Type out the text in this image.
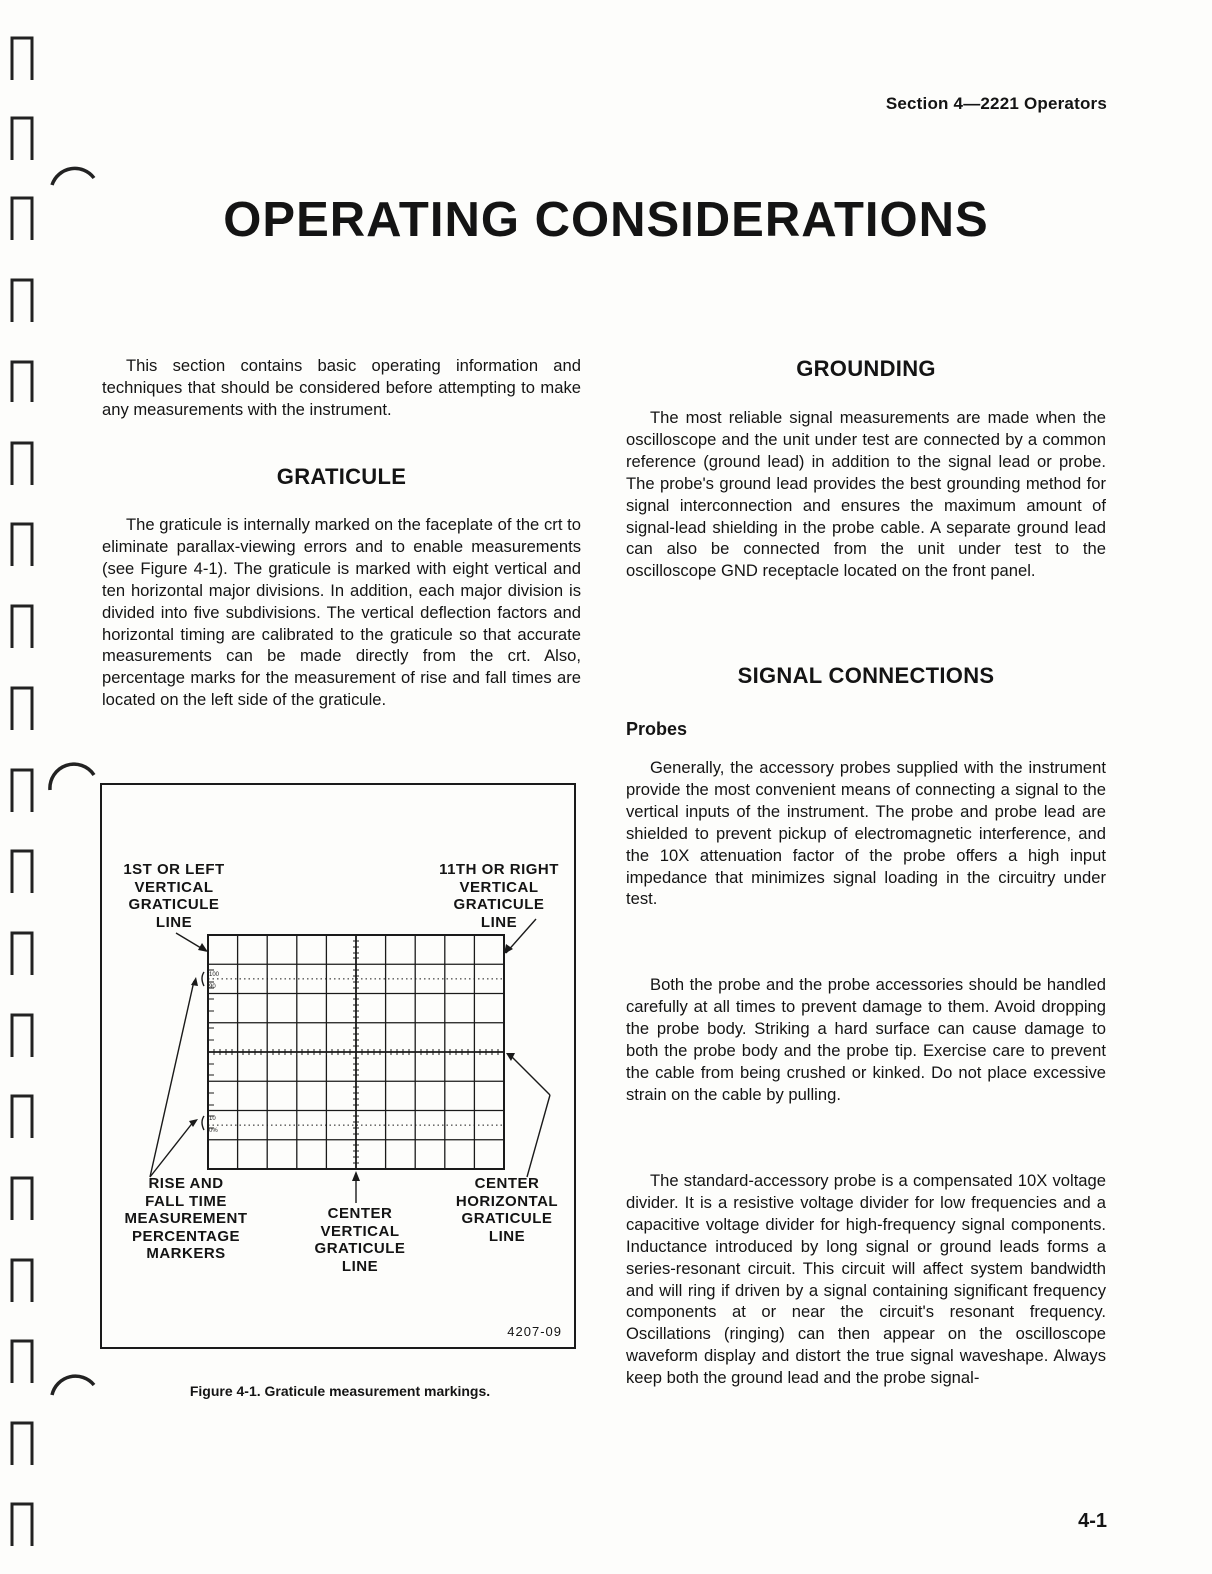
Section 4—2221 Operators
OPERATING CONSIDERATIONS

This section contains basic operating information and techniques that should be considered before attempting to make any measurements with the instrument.

GRATICULE

The graticule is internally marked on the faceplate of the crt to eliminate parallax-viewing errors and to enable measurements (see Figure 4-1). The graticule is marked with eight vertical and ten horizontal major divisions. In addition, each major division is divided into five subdivisions. The vertical deflection factors and horizontal timing are calibrated to the graticule so that accurate measurements can be made directly from the crt. Also, percentage marks for the measurement of rise and fall times are located on the left side of the graticule.

100
90
10
0%
1ST OR LEFT
VERTICAL
GRATICULE
LINE
11TH OR RIGHT
VERTICAL
GRATICULE
LINE
RISE AND
FALL TIME
MEASUREMENT
PERCENTAGE
MARKERS
CENTER
VERTICAL
GRATICULE
LINE
CENTER
HORIZONTAL
GRATICULE
LINE
4207-09
Figure 4-1. Graticule measurement markings.
GROUNDING

The most reliable signal measurements are made when the oscilloscope and the unit under test are connected by a common reference (ground lead) in addition to the signal lead or probe. The probe's ground lead provides the best grounding method for signal interconnection and ensures the maximum amount of signal-lead shielding in the probe cable. A separate ground lead can also be connected from the unit under test to the oscilloscope GND receptacle located on the front panel.

SIGNAL CONNECTIONS
Probes

Generally, the accessory probes supplied with the instrument provide the most convenient means of connecting a signal to the vertical inputs of the instrument. The probe and probe lead are shielded to prevent pickup of electromagnetic interference, and the 10X attenuation factor of the probe offers a high input impedance that minimizes signal loading in the circuitry under test.

Both the probe and the probe accessories should be handled carefully at all times to prevent damage to them. Avoid dropping the probe body. Striking a hard surface can cause damage to both the probe body and the probe tip. Exercise care to prevent the cable from being crushed or kinked. Do not place excessive strain on the cable by pulling.

The standard-accessory probe is a compensated 10X voltage divider. It is a resistive voltage divider for low frequencies and a capacitive voltage divider for high-frequency signal components. Inductance introduced by long signal or ground leads forms a series-resonant circuit. This circuit will affect system bandwidth and will ring if driven by a signal containing significant frequency components at or near the circuit's resonant frequency. Oscillations (ringing) can then appear on the oscilloscope waveform display and distort the true signal waveshape. Always keep both the ground lead and the probe signal-

4-1
